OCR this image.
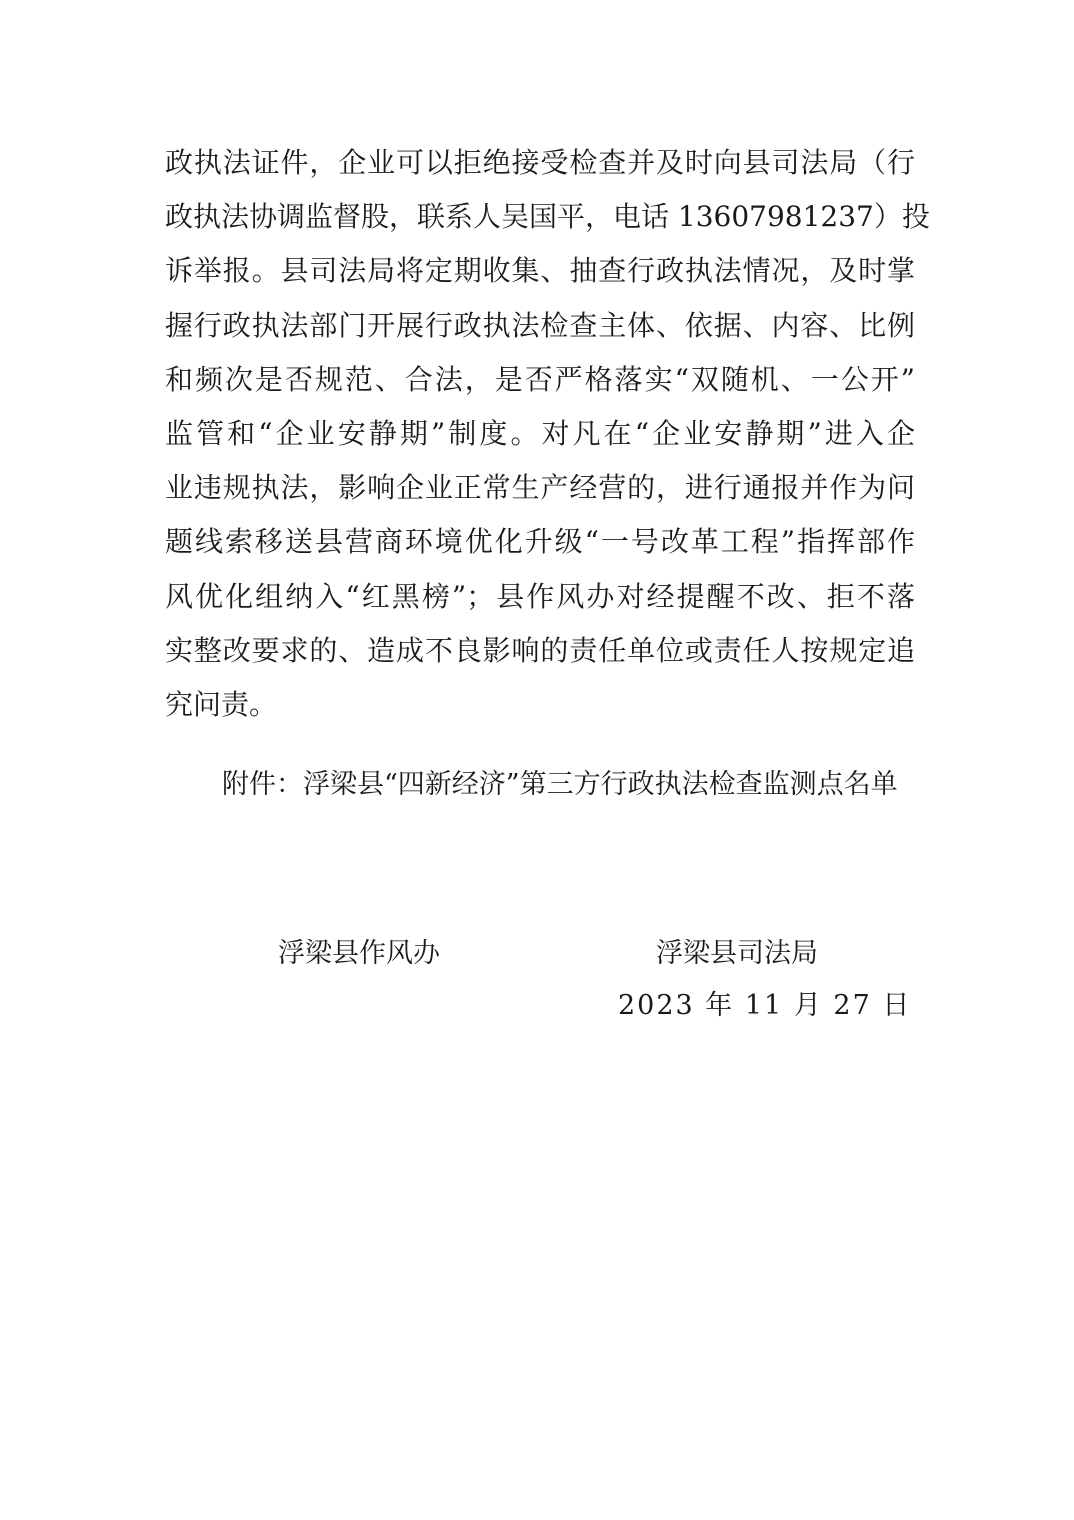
政执法证件，企业可以拒绝接受检查并及时向县司法局（行
政执法协调监督股，联系人吴国平，电话 13607981237）投
诉举报。县司法局将定期收集、抽查行政执法情况，及时掌
握行政执法部门开展行政执法检查主体、依据、内容、比例
和频次是否规范、合法，是否严格落实“双随机、一公开”
监管和“企业安静期”制度。对凡在“企业安静期”进入企
业违规执法，影响企业正常生产经营的，进行通报并作为问
题线索移送县营商环境优化升级“一号改革工程”指挥部作
风优化组纳入“红黑榜”；县作风办对经提醒不改、拒不落
实整改要求的、造成不良影响的责任单位或责任人按规定追
究问责。
附件：浮梁县“四新经济”第三方行政执法检查监测点名单
浮梁县作风办	浮梁县司法局
2023 年 11 月 27 日
